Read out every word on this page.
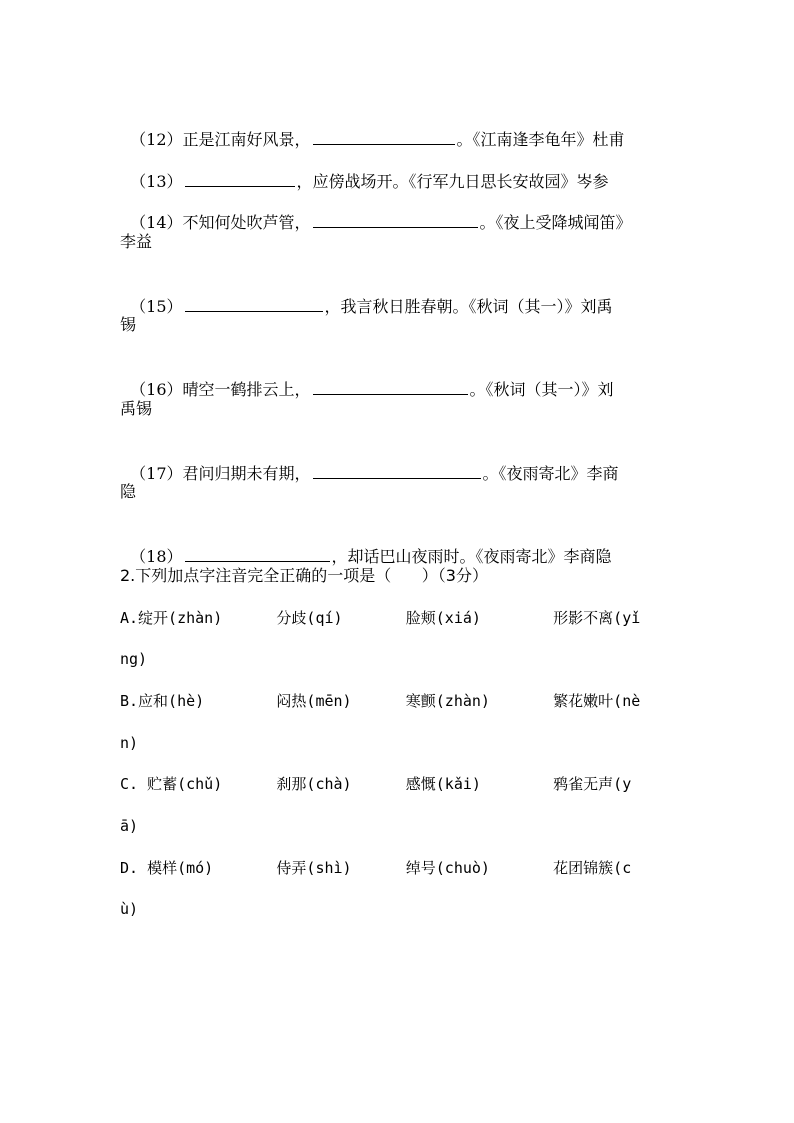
（12）正是江南好风景，	。《江南逢李龟年》杜甫

（13）	，应傍战场开。《行军九日思长安故园》岑参

（14）不知何处吹芦管，	。《夜上受降城闻笛》

李益

（15）	，我言秋日胜春朝。《秋词（其一）》刘禹

锡

（16）晴空一鹤排云上，	。《秋词（其一）》刘

禹锡

（17）君问归期未有期，	。《夜雨寄北》李商

隐

（18）	，却话巴山夜雨时。《夜雨寄北》李商隐

2.下列加点字注音完全正确的一项是（      ）（3分）
A.绽开(zhàn)      分歧(qí)       脸颊(xiá)        形影不离(yǐ
ng)
B.应和(hè)        闷热(mēn)      寒颤(zhàn)       繁花嫩叶(nè
n)
C. 贮蓄(chǔ)      刹那(chà)      感慨(kǎi)        鸦雀无声(y
ā)
D. 模样(mó)       侍弄(shì)      绰号(chuò)       花团锦簇(c
ù)
